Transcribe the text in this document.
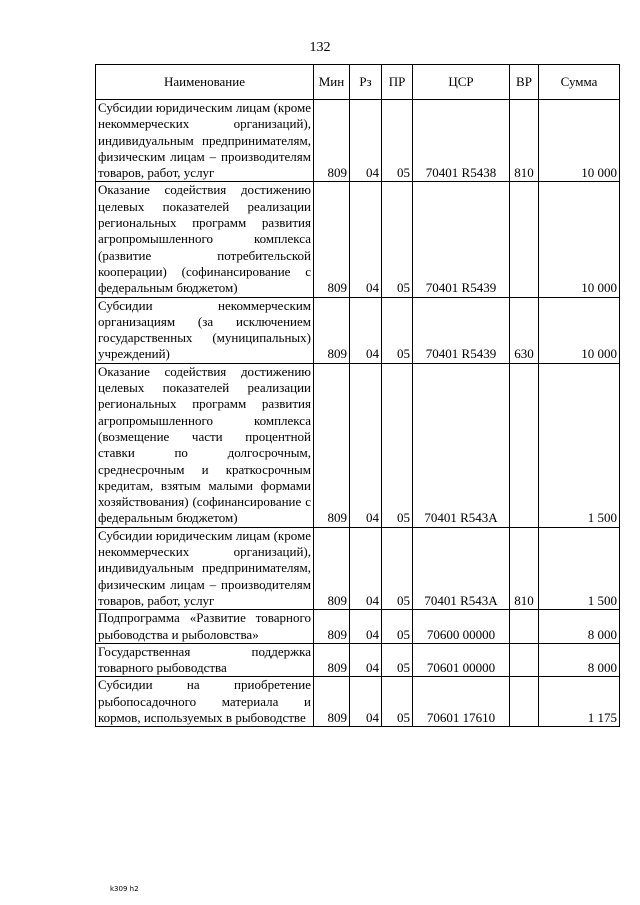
132
Наименование	Мин	Рз	ПР	ЦСР	ВР	Сумма
Субсидии юридическим лицам (кроме некоммерческих организаций), индивидуальным предпринимателям, физическим лицам – производителям товаров, работ, услуг	809	04	05	70401 R5438	810	10 000
Оказание содействия достижению целевых показателей реализации региональных программ развития агропромышленного комплекса (развитие потребительской кооперации) (софинансирование с федеральным бюджетом)	809	04	05	70401 R5439		10 000
Субсидии некоммерческим организациям (за исключением государственных (муниципальных) учреждений)	809	04	05	70401 R5439	630	10 000
Оказание содействия достижению целевых показателей реализации региональных программ развития агропромышленного комплекса (возмещение части процентной ставки по долгосрочным, среднесрочным и краткосрочным кредитам, взятым малыми формами хозяйствования) (софинансирование с федеральным бюджетом)	809	04	05	70401 R543A		1 500
Субсидии юридическим лицам (кроме некоммерческих организаций), индивидуальным предпринимателям, физическим лицам – производителям товаров, работ, услуг	809	04	05	70401 R543A	810	1 500
Подпрограмма «Развитие товарного рыбоводства и рыболовства»	809	04	05	70600 00000		8 000
Государственная поддержка товарного рыбоводства	809	04	05	70601 00000		8 000
Субсидии на приобретение рыбопосадочного материала и кормов, используемых в рыбоводстве	809	04	05	70601 17610		1 175
k309 h2
